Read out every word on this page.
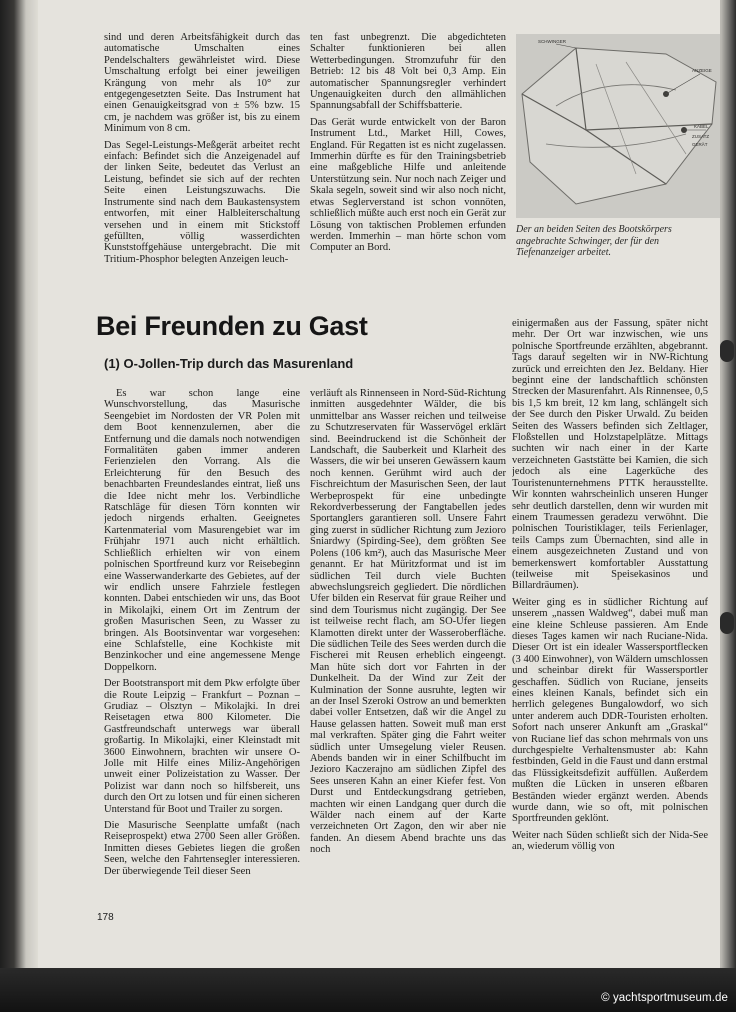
sind und deren Arbeitsfähigkeit durch das automatische Umschalten eines Pendelschalters gewährleistet wird. Diese Umschaltung erfolgt bei einer jeweiligen Krängung von mehr als 10° zur entgegengesetzten Seite. Das Instrument hat einen Genauigkeitsgrad von ± 5% bzw. 15 cm, je nachdem was größer ist, bis zu einem Minimum von 8 cm.

Das Segel-Leistungs-Meßgerät arbeitet recht einfach: Befindet sich die Anzeigenadel auf der linken Seite, bedeutet das Verlust an Leistung, befindet sie sich auf der rechten Seite einen Leistungszuwachs. Die Instrumente sind nach dem Baukastensystem entworfen, mit einer Halbleiterschaltung versehen und in einem mit Stickstoff gefüllten, völlig wasserdichten Kunststoffgehäuse untergebracht. Die mit Tritium-Phosphor belegten Anzeigen leuch-

ten fast unbegrenzt. Die abgedichteten Schalter funktionieren bei allen Wetterbedingungen. Stromzufuhr für den Betrieb: 12 bis 48 Volt bei 0,3 Amp. Ein automatischer Spannungsregler verhindert Ungenauigkeiten durch den allmählichen Spannungsabfall der Schiffsbatterie.

Das Gerät wurde entwickelt von der Baron Instrument Ltd., Market Hill, Cowes, England. Für Regatten ist es nicht zugelassen. Immerhin dürfte es für den Trainingsbetrieb eine maßgebliche Hilfe und anleitende Unterstützung sein. Nur noch nach Zeiger und Skala segeln, soweit sind wir also noch nicht, etwas Seglerverstand ist schon vonnöten, schließlich müßte auch erst noch ein Gerät zur Lösung von taktischen Problemen erfunden werden. Immerhin – man hörte schon vom Computer an Bord.

SCHWINGER
ANZEIGE
KABEL
ZUSATZ
GERÄT
Der an beiden Seiten des Bootskörpers angebrachte Schwinger, der für den Tiefenanzeiger arbeitet.
Bei Freunden zu Gast
(1) O-Jollen-Trip durch das Masurenland

Es war schon lange eine Wunschvorstellung, das Masurische Seengebiet im Nordosten der VR Polen mit dem Boot kennenzulernen, aber die Entfernung und die damals noch notwendigen Formalitäten gaben immer anderen Ferienzielen den Vorrang. Als die Erleichterung für den Besuch des benachbarten Freundeslandes eintrat, ließ uns die Idee nicht mehr los. Verbindliche Ratschläge für diesen Törn konnten wir jedoch nirgends erhalten. Geeignetes Kartenmaterial vom Masurengebiet war im Frühjahr 1971 auch nicht erhältlich. Schließlich erhielten wir von einem polnischen Sportfreund kurz vor Reisebeginn eine Wasserwanderkarte des Gebietes, auf der wir endlich unsere Fahrziele festlegen konnten. Dabei entschieden wir uns, das Boot in Mikolajki, einem Ort im Zentrum der großen Masurischen Seen, zu Wasser zu bringen. Als Bootsinventar war vorgesehen: eine Schlafstelle, eine Kochkiste mit Benzinkocher und eine angemessene Menge Doppelkorn.

Der Bootstransport mit dem Pkw erfolgte über die Route Leipzig – Frankfurt – Poznan – Grudiaz – Olsztyn – Mikolajki. In drei Reisetagen etwa 800 Kilometer. Die Gastfreundschaft unterwegs war überall großartig. In Mikolajki, einer Kleinstadt mit 3600 Einwohnern, brachten wir unsere O-Jolle mit Hilfe eines Miliz-Angehörigen unweit einer Polizeistation zu Wasser. Der Polizist war dann noch so hilfsbereit, uns durch den Ort zu lotsen und für einen sicheren Unterstand für Boot und Trailer zu sorgen.

Die Masurische Seenplatte umfaßt (nach Reiseprospekt) etwa 2700 Seen aller Größen. Inmitten dieses Gebietes liegen die großen Seen, welche den Fahrtensegler interessieren. Der überwiegende Teil dieser Seen

verläuft als Rinnenseen in Nord-Süd-Richtung inmitten ausgedehnter Wälder, die bis unmittelbar ans Wasser reichen und teilweise zu Schutzreservaten für Wasservögel erklärt sind. Beeindruckend ist die Schönheit der Landschaft, die Sauberkeit und Klarheit des Wassers, die wir bei unseren Gewässern kaum noch kennen. Gerühmt wird auch der Fischreichtum der Masurischen Seen, der laut Werbeprospekt für eine unbedingte Rekordverbesserung der Fangtabellen jedes Sportanglers garantieren soll. Unsere Fahrt ging zuerst in südlicher Richtung zum Jezioro Sniardwy (Spirding-See), dem größten See Polens (106 km²), auch das Masurische Meer genannt. Er hat Müritzformat und ist im südlichen Teil durch viele Buchten abwechslungsreich gegliedert. Die nördlichen Ufer bilden ein Reservat für graue Reiher und sind dem Tourismus nicht zugängig. Der See ist teilweise recht flach, am SO-Ufer liegen Klamotten direkt unter der Wasseroberfläche. Die südlichen Teile des Sees werden durch die Fischerei mit Reusen erheblich eingeengt. Man hüte sich dort vor Fahrten in der Dunkelheit. Da der Wind zur Zeit der Kulmination der Sonne ausruhte, legten wir an der Insel Szeroki Ostrow an und bemerkten dabei voller Entsetzen, daß wir die Angel zu Hause gelassen hatten. Soweit muß man erst mal verkraften. Später ging die Fahrt weiter südlich unter Umsegelung vieler Reusen. Abends banden wir in einer Schilfbucht im Jezioro Kaczerajno am südlichen Zipfel des Sees unseren Kahn an einer Kiefer fest. Von Durst und Entdeckungsdrang getrieben, machten wir einen Landgang quer durch die Wälder nach einem auf der Karte verzeichneten Ort Zagon, den wir aber nie fanden. An diesem Abend brachte uns das noch

einigermaßen aus der Fassung, später nicht mehr. Der Ort war inzwischen, wie uns polnische Sportfreunde erzählten, abgebrannt. Tags darauf segelten wir in NW-Richtung zurück und erreichten den Jez. Beldany. Hier beginnt eine der landschaftlich schönsten Strecken der Masurenfahrt. Als Rinnensee, 0,5 bis 1,5 km breit, 12 km lang, schlängelt sich der See durch den Pisker Urwald. Zu beiden Seiten des Wassers befinden sich Zeltlager, Floßstellen und Holzstapelplätze. Mittags suchten wir nach einer in der Karte verzeichneten Gaststätte bei Kamien, die sich jedoch als eine Lagerküche des Touristenunternehmens PTTK herausstellte. Wir konnten wahrscheinlich unseren Hunger sehr deutlich darstellen, denn wir wurden mit einem Traumessen geradezu verwöhnt. Die polnischen Touristiklager, teils Ferienlager, teils Camps zum Übernachten, sind alle in einem ausgezeichneten Zustand und von bemerkenswert komfortabler Ausstattung (teilweise mit Speisekasinos und Billardräumen).

Weiter ging es in südlicher Richtung auf unserem „nassen Waldweg“, dabei muß man eine kleine Schleuse passieren. Am Ende dieses Tages kamen wir nach Ruciane-Nida. Dieser Ort ist ein idealer Wassersportflecken (3 400 Einwohner), von Wäldern umschlossen und scheinbar direkt für Wassersportler geschaffen. Südlich von Ruciane, jenseits eines kleinen Kanals, befindet sich ein herrlich gelegenes Bungalowdorf, wo sich unter anderem auch DDR-Touristen erholten. Sofort nach unserer Ankunft am „Graskal“ von Ruciane lief das schon mehrmals von uns durchgespielte Verhaltensmuster ab: Kahn festbinden, Geld in die Faust und dann erstmal das Flüssigkeitsdefizit auffüllen. Außerdem mußten die Lücken in unseren eßbaren Beständen wieder ergänzt werden. Abends wurde dann, wie so oft, mit polnischen Sportfreunden geklönt.

Weiter nach Süden schließt sich der Nida-See an, wiederum völlig von

178
© yachtsportmuseum.de
